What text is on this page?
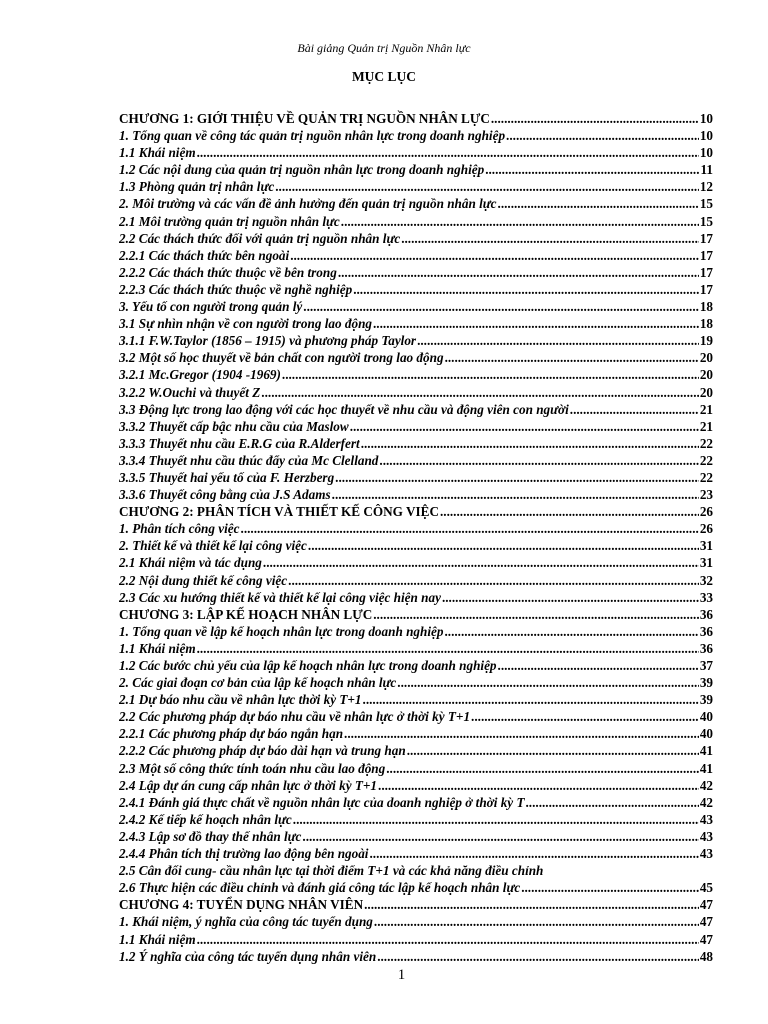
Bài giảng Quản trị Nguồn Nhân lực
MỤC LỤC
CHƯƠNG 1: GIỚI THIỆU VỀ QUẢN TRỊ NGUỒN NHÂN LỰC .....	10
1. Tổng quan về công tác quản trị nguồn nhân lực trong doanh nghiệp .....	10
1.1 Khái niệm .....	10
1.2 Các nội dung của quản trị nguồn nhân lực trong doanh nghiệp .....	11
1.3 Phòng quản trị nhân lực .....	12
2. Môi trường và các vấn đề ảnh hưởng đến quản trị nguồn nhân lực .....	15
2.1 Môi trường quản trị nguồn nhân lực .....	15
2.2 Các thách thức đối với quản trị nguồn nhân lực .....	17
2.2.1 Các thách thức bên ngoài .....	17
2.2.2 Các thách thức thuộc về bên trong .....	17
2.2.3 Các thách thức thuộc về nghề nghiệp .....	17
3. Yếu tố con người trong quản lý .....	18
3.1 Sự nhìn nhận về con người trong lao động .....	18
3.1.1 F.W.Taylor (1856 – 1915) và phương pháp Taylor .....	19
3.2 Một số học thuyết về bản chất con người trong lao động .....	20
3.2.1 Mc.Gregor (1904 -1969) .....	20
3.2.2 W.Ouchi và thuyết Z .....	20
3.3 Động lực trong lao động với các học thuyết về nhu cầu và động viên con người .....	21
3.3.2 Thuyết cấp bậc nhu cầu của Maslow .....	21
3.3.3 Thuyết nhu cầu E.R.G của R.Alderfert .....	22
3.3.4 Thuyết nhu cầu thúc đẩy của Mc Clelland .....	22
3.3.5 Thuyết hai yếu tố của F. Herzberg .....	22
3.3.6 Thuyết công bằng của J.S Adams .....	23
CHƯƠNG 2: PHÂN TÍCH VÀ THIẾT KẾ CÔNG VIỆC .....	26
1. Phân tích công việc .....	26
2. Thiết kế và thiết kế lại công việc .....	31
2.1 Khái niệm và tác dụng .....	31
2.2 Nội dung thiết kế công việc .....	32
2.3 Các xu hướng thiết kế và thiết kế lại công việc hiện nay .....	33
CHƯƠNG 3: LẬP KẾ HOẠCH NHÂN LỰC .....	36
1. Tổng quan về lập kế hoạch nhân lực trong doanh nghiệp .....	36
1.1 Khái niệm .....	36
1.2 Các bước chủ yếu của lập kế hoạch nhân lực trong doanh nghiệp .....	37
2. Các giai đoạn cơ bản của lập kế hoạch nhân lực .....	39
2.1 Dự báo nhu cầu về nhân lực thời kỳ T+1 .....	39
2.2 Các phương pháp dự báo nhu cầu về nhân lực ở thời kỳ T+1 .....	40
2.2.1 Các phương pháp dự báo ngắn hạn .....	40
2.2.2 Các phương pháp dự báo dài hạn và trung hạn .....	41
2.3 Một số công thức tính toán nhu cầu lao động .....	41
2.4 Lập dự án cung cấp nhân lực ở thời kỳ T+1 .....	42
2.4.1 Đánh giá thực chất về nguồn nhân lực của doanh nghiệp ở thời kỳ T .....	42
2.4.2 Kế tiếp kế hoạch nhân lực .....	43
2.4.3 Lập sơ đồ thay thế nhân lực .....	43
2.4.4 Phân tích thị trường lao động bên ngoài .....	43
2.5 Cân đối cung- cầu nhân lực tại thời điểm T+1 và các khả năng điều chỉnh
2.6 Thực hiện các điều chỉnh và đánh giá công tác lập kế hoạch nhân lực .....	45
CHƯƠNG 4: TUYỂN DỤNG NHÂN VIÊN .....	47
1. Khái niệm, ý nghĩa của công tác tuyển dụng .....	47
1.1 Khái niệm .....	47
1.2 Ý nghĩa của công tác tuyển dụng nhân viên .....	48
1
